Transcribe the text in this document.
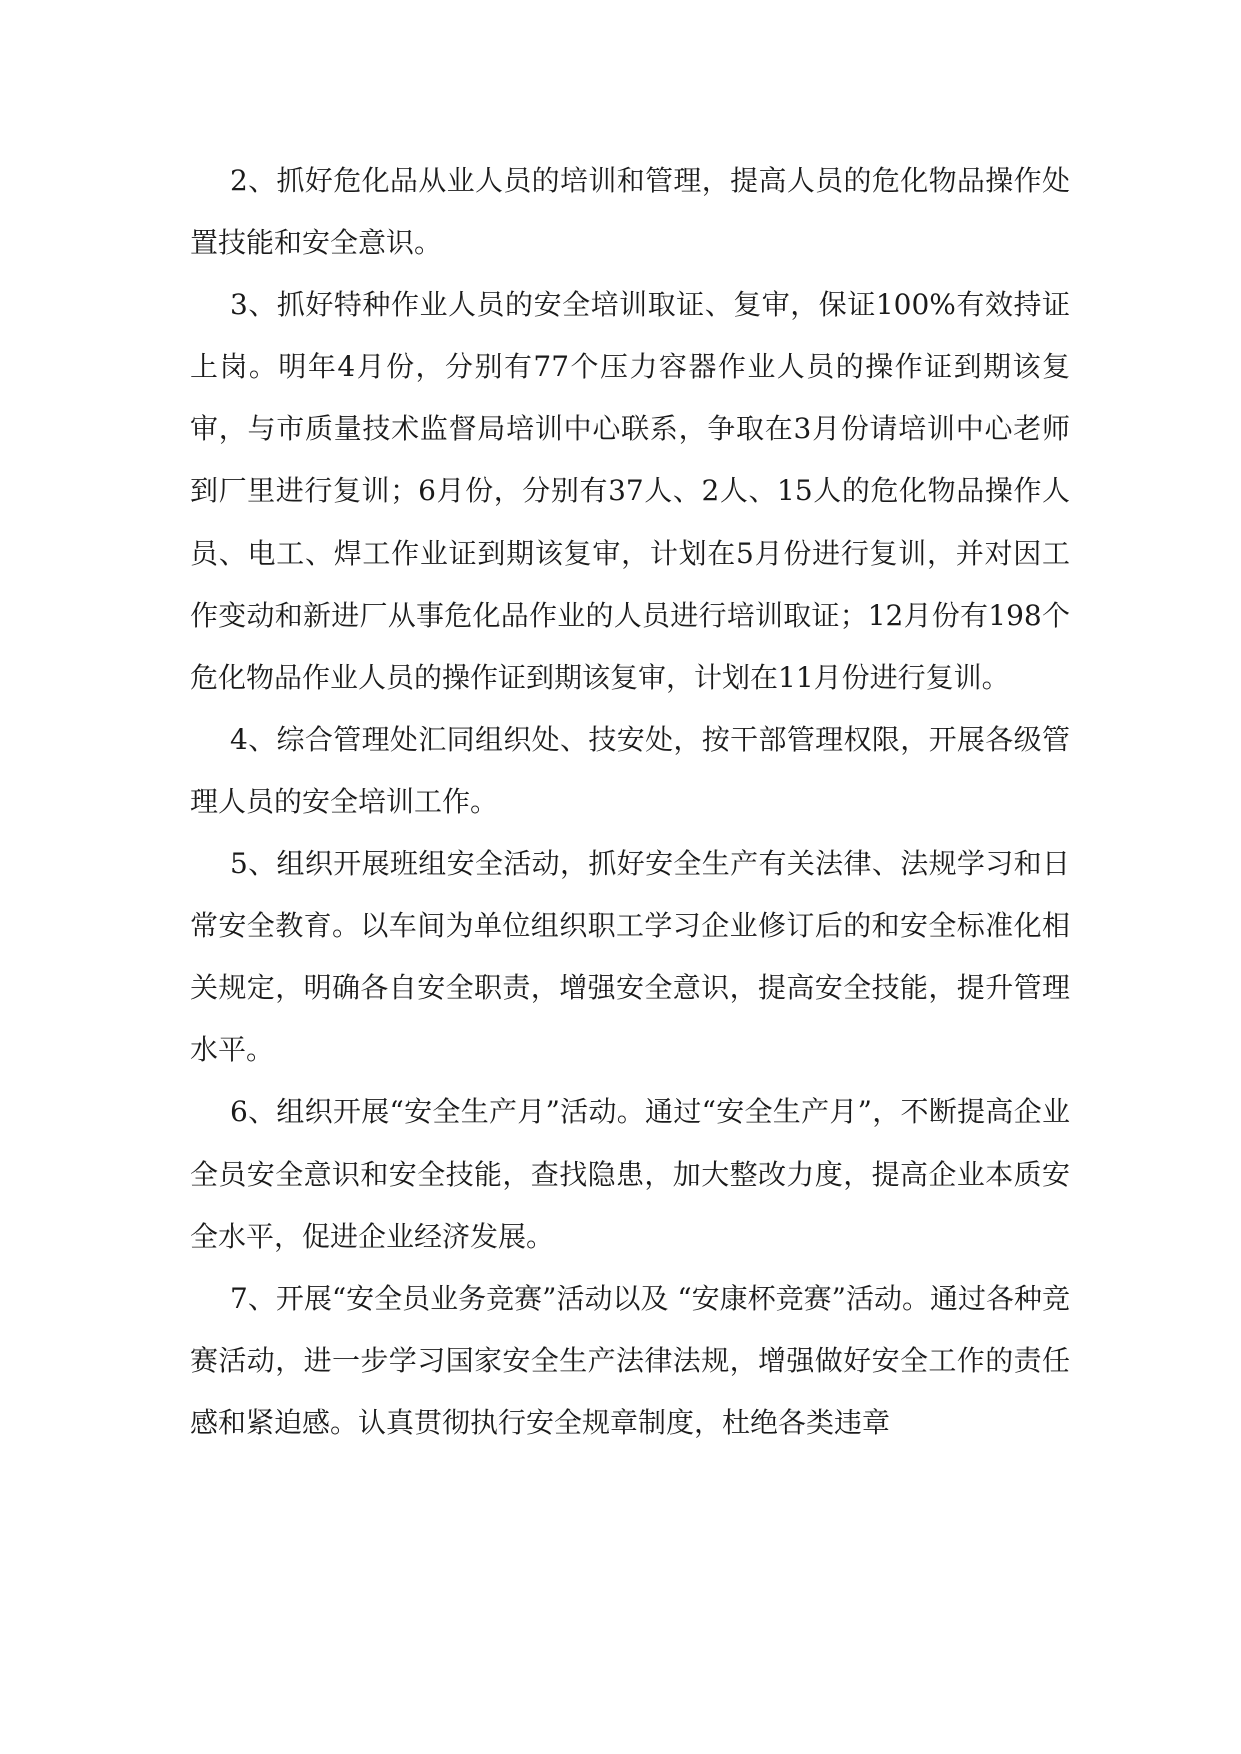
2、抓好危化品从业人员的培训和管理，提高人员的危化物品操作处置技能和安全意识。

3、抓好特种作业人员的安全培训取证、复审，保证100%有效持证上岗。明年4月份，分别有77个压力容器作业人员的操作证到期该复审，与市质量技术监督局培训中心联系，争取在3月份请培训中心老师到厂里进行复训；6月份，分别有37人、2人、15人的危化物品操作人员、电工、焊工作业证到期该复审，计划在5月份进行复训，并对因工作变动和新进厂从事危化品作业的人员进行培训取证；12月份有198个危化物品作业人员的操作证到期该复审，计划在11月份进行复训。

4、综合管理处汇同组织处、技安处，按干部管理权限，开展各级管理人员的安全培训工作。

5、组织开展班组安全活动，抓好安全生产有关法律、法规学习和日常安全教育。以车间为单位组织职工学习企业修订后的和安全标准化相关规定，明确各自安全职责，增强安全意识，提高安全技能，提升管理水平。

6、组织开展“安全生产月”活动。通过“安全生产月”，不断提高企业全员安全意识和安全技能，查找隐患，加大整改力度，提高企业本质安全水平，促进企业经济发展。

7、开展“安全员业务竞赛”活动以及 “安康杯竞赛”活动。通过各种竞赛活动，进一步学习国家安全生产法律法规，增强做好安全工作的责任感和紧迫感。认真贯彻执行安全规章制度，杜绝各类违章
